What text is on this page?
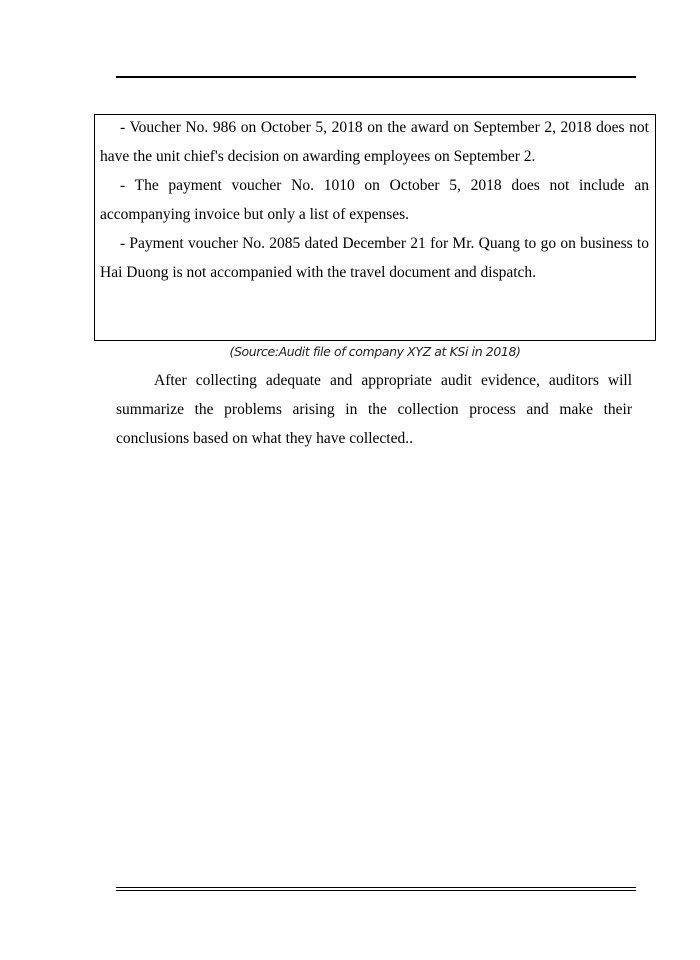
- Voucher No. 986 on October 5, 2018 on the award on September 2, 2018 does not have the unit chief's decision on awarding employees on September 2.

- The payment voucher No. 1010 on October 5, 2018 does not include an accompanying invoice but only a list of expenses.

- Payment voucher No. 2085 dated December 21 for Mr. Quang to go on business to Hai Duong is not accompanied with the travel document and dispatch.

(Source:Audit file of company XYZ at KSi in 2018)

After collecting adequate and appropriate audit evidence, auditors will summarize the problems arising in the collection process and make their conclusions based on what they have collected..
